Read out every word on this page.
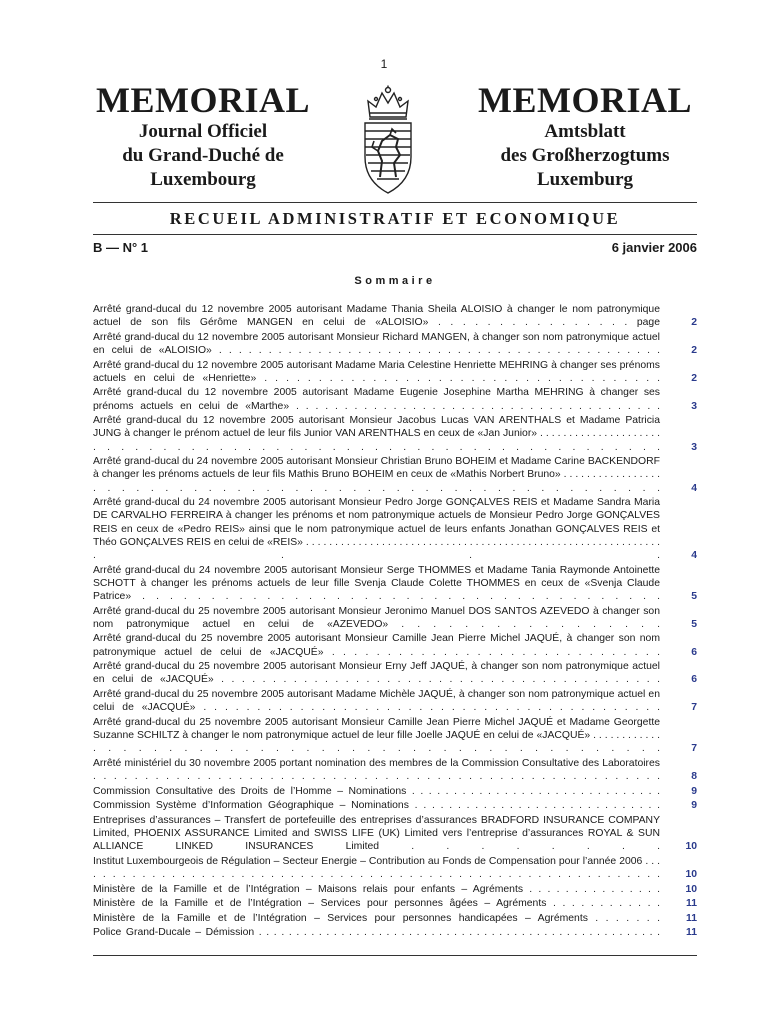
1
MEMORIAL
Journal Officiel
du Grand-Duché de
Luxembourg
MEMORIAL
Amtsblatt
des Großherzogtums
Luxemburg
RECUEIL ADMINISTRATIF ET ECONOMIQUE
B — N° 1	6 janvier 2006
Sommaire
Arrêté grand-ducal du 12 novembre 2005 autorisant Madame Thania Sheila ALOISIO à changer le nom patronymique actuel de son fils Gérôme MANGEN en celui de «ALOISIO» . . . . . . . . . . . . . . . . page	2
Arrêté grand-ducal du 12 novembre 2005 autorisant Monsieur Richard MANGEN, à changer son nom patronymique actuel en celui de «ALOISIO» . . . . . . . . . . . . . . . . . . . . . . . . . . . . . . . . . . . . . . . . . . . . .	2
Arrêté grand-ducal du 12 novembre 2005 autorisant Madame Maria Celestine Henriette MEHRING à changer ses prénoms actuels en celui de «Henriette» . . . . . . . . . . . . . . . . . . . . . . . . . . . . . . . . . . . . .	2
Arrêté grand-ducal du 12 novembre 2005 autorisant Madame Eugenie Josephine Martha MEHRING à changer ses prénoms actuels en celui de «Marthe» . . . . . . . . . . . . . . . . . . . . . . . . . . . . . . . . . . . . . .	3
Arrêté grand-ducal du 12 novembre 2005 autorisant Monsieur Jacobus Lucas VAN ARENTHALS et Madame Patricia JUNG à changer le prénom actuel de leur fils Junior VAN ARENTHALS en ceux de «Jan Junior» . . . . . . . . . . . . . . . . . . . . . . . . . . . . . . . . . . . . . . . . . . . . . . . . . . . . . . . . . . . . . .	3
Arrêté grand-ducal du 24 novembre 2005 autorisant Monsieur Christian Bruno BOHEIM et Madame Carine BACKENDORF à changer les prénoms actuels de leur fils Mathis Bruno BOHEIM en ceux de «Mathis Norbert Bruno» . . . . . . . . . . . . . . . . . . . . . . . . . . . . . . . . . . . . . . . . . . . . . . . . . . . . . . . . .	4
Arrêté grand-ducal du 24 novembre 2005 autorisant Monsieur Pedro Jorge GONÇALVES REIS et Madame Sandra Maria DE CARVALHO FERREIRA à changer les prénoms et nom patronymique actuels de Monsieur Pedro Jorge GONÇALVES REIS en ceux de «Pedro REIS» ainsi que le nom patronymique actuel de leurs enfants Jonathan GONÇALVES REIS et Théo GONÇALVES REIS en celui de «REIS» . . . . . . . . . . . . . . . . . . . . . . . . . . . . . . . . . . . . . . . . . . . . . . . . . . . . . . . . . . . . . . . . .	4
Arrêté grand-ducal du 24 novembre 2005 autorisant Monsieur Serge THOMMES et Madame Tania Raymonde Antoinette SCHOTT à changer les prénoms actuels de leur fille Svenja Claude Colette THOMMES en ceux de «Svenja Claude Patrice» . . . . . . . . . . . . . . . . . . . . . . . . . . . . . . . . . . . . . .	5
Arrêté grand-ducal du 25 novembre 2005 autorisant Monsieur Jeronimo Manuel DOS SANTOS AZEVEDO à changer son nom patronymique actuel en celui de «AZEVEDO» . . . . . . . . . . . . . . . . .	5
Arrêté grand-ducal du 25 novembre 2005 autorisant Monsieur Camille Jean Pierre Michel JAQUÉ, à changer son nom patronymique actuel de celui de «JACQUÉ» . . . . . . . . . . . . . . . . . . . . . . . . . . . . . .	6
Arrêté grand-ducal du 25 novembre 2005 autorisant Monsieur Erny Jeff JAQUÉ, à changer son nom patronymique actuel en celui de «JACQUÉ» . . . . . . . . . . . . . . . . . . . . . . . . . . . . . . . . . . . . . . . . . . .	6
Arrêté grand-ducal du 25 novembre 2005 autorisant Madame Michèle JAQUÉ, à changer son nom patronymique actuel en celui de «JACQUÉ» . . . . . . . . . . . . . . . . . . . . . . . . . . . . . . . . . . . . . . . . . . .	7
Arrêté grand-ducal du 25 novembre 2005 autorisant Monsieur Camille Jean Pierre Michel JAQUÉ et Madame Georgette Suzanne SCHILTZ à changer le nom patronymique actuel de leur fille Joelle JAQUÉ en celui de «JACQUÉ» . . . . . . . . . . . . . . . . . . . . . . . . . . . . . . . . . . . . . . . . . . . . . . . . . .	7
Arrêté ministériel du 30 novembre 2005 portant nomination des membres de la Commission Consultative des Laboratoires . . . . . . . . . . . . . . . . . . . . . . . . . . . . . . . . . . . . . . . . . . . . . . . . . . . . . . .	8
Commission Consultative des Droits de l’Homme – Nominations . . . . . . . . . . . . . . . . . . . . . . . . . . . . . .	9
Commission Système d’Information Géographique – Nominations . . . . . . . . . . . . . . . . . . . . . . . . . . . . .	9
Entreprises d’assurances – Transfert de portefeuille des entreprises d’assurances BRADFORD INSURANCE COMPANY Limited, PHOENIX ASSURANCE Limited and SWISS LIFE (UK) Limited vers l’entreprise d’assurances ROYAL & SUN ALLIANCE LINKED INSURANCES Limited . . . . . . . .	10
Institut Luxembourgeois de Régulation – Secteur Energie – Contribution au Fonds de Compensation pour l’année 2006 . . . . . . . . . . . . . . . . . . . . . . . . . . . . . . . . . . . . . . . . . . . . . . . . . . . . . . . . . . . . .	10
Ministère de la Famille et de l’Intégration – Maisons relais pour enfants – Agréments . . . . . . . . . . . . . . .	10
Ministère de la Famille et de l’Intégration – Services pour personnes âgées – Agréments . . . . . . . . . . . .	11
Ministère de la Famille et de l’Intégration – Services pour personnes handicapées – Agréments . . . . . . .	11
Police Grand-Ducale – Démission . . . . . . . . . . . . . . . . . . . . . . . . . . . . . . . . . . . . . . . . . . . . . . . . . . . . . .	11
